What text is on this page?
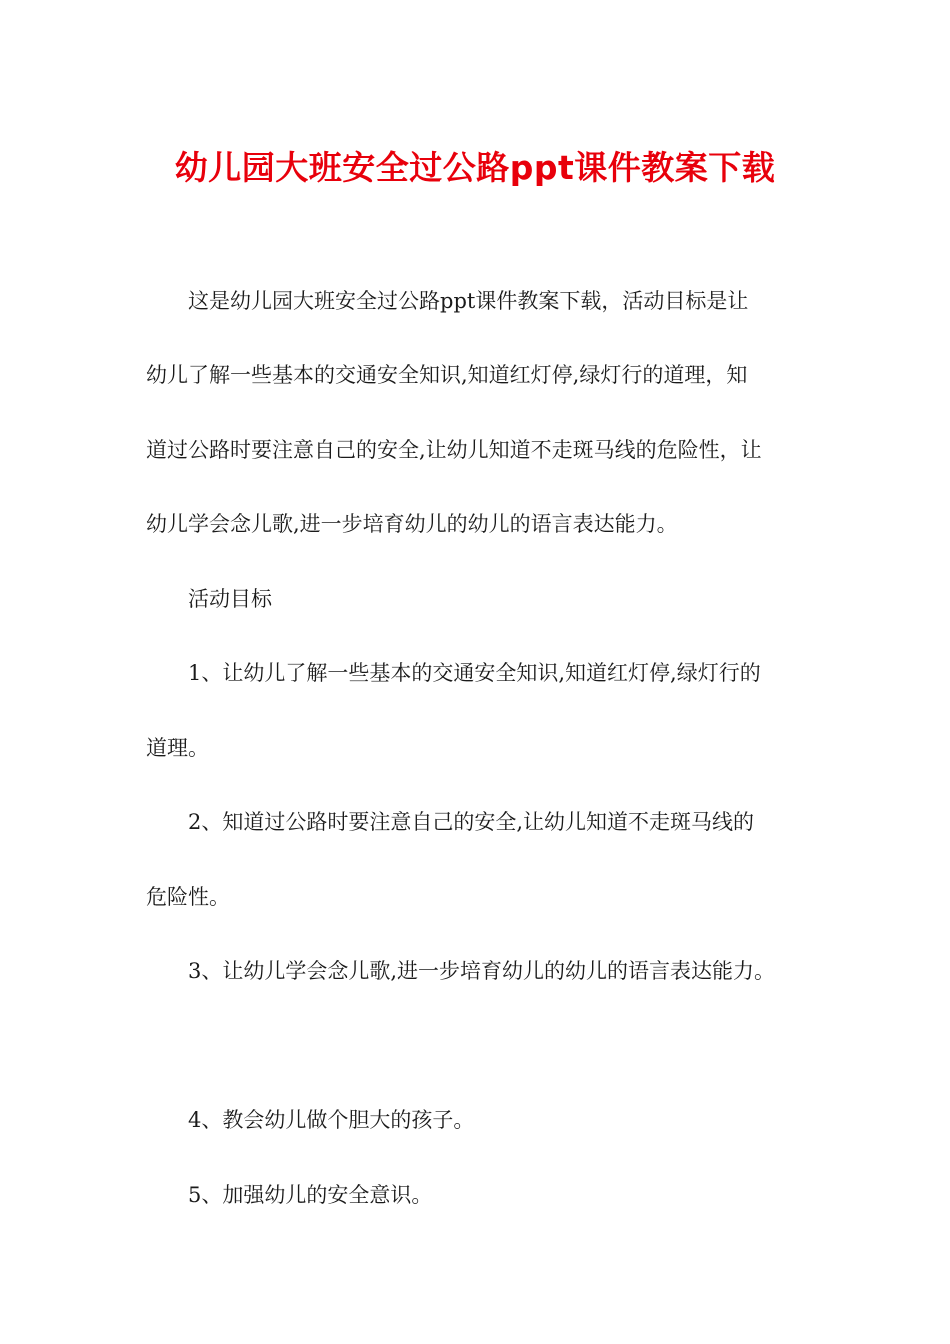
幼儿园大班安全过公路ppt课件教案下载

这是幼儿园大班安全过公路ppt课件教案下载，活动目标是让

幼儿了解一些基本的交通安全知识,知道红灯停,绿灯行的道理，知

道过公路时要注意自己的安全,让幼儿知道不走斑马线的危险性，让

幼儿学会念儿歌,进一步培育幼儿的幼儿的语言表达能力。

活动目标

1、让幼儿了解一些基本的交通安全知识,知道红灯停,绿灯行的

道理。

2、知道过公路时要注意自己的安全,让幼儿知道不走斑马线的

危险性。

3、让幼儿学会念儿歌,进一步培育幼儿的幼儿的语言表达能力。

4、教会幼儿做个胆大的孩子。

5、加强幼儿的安全意识。
